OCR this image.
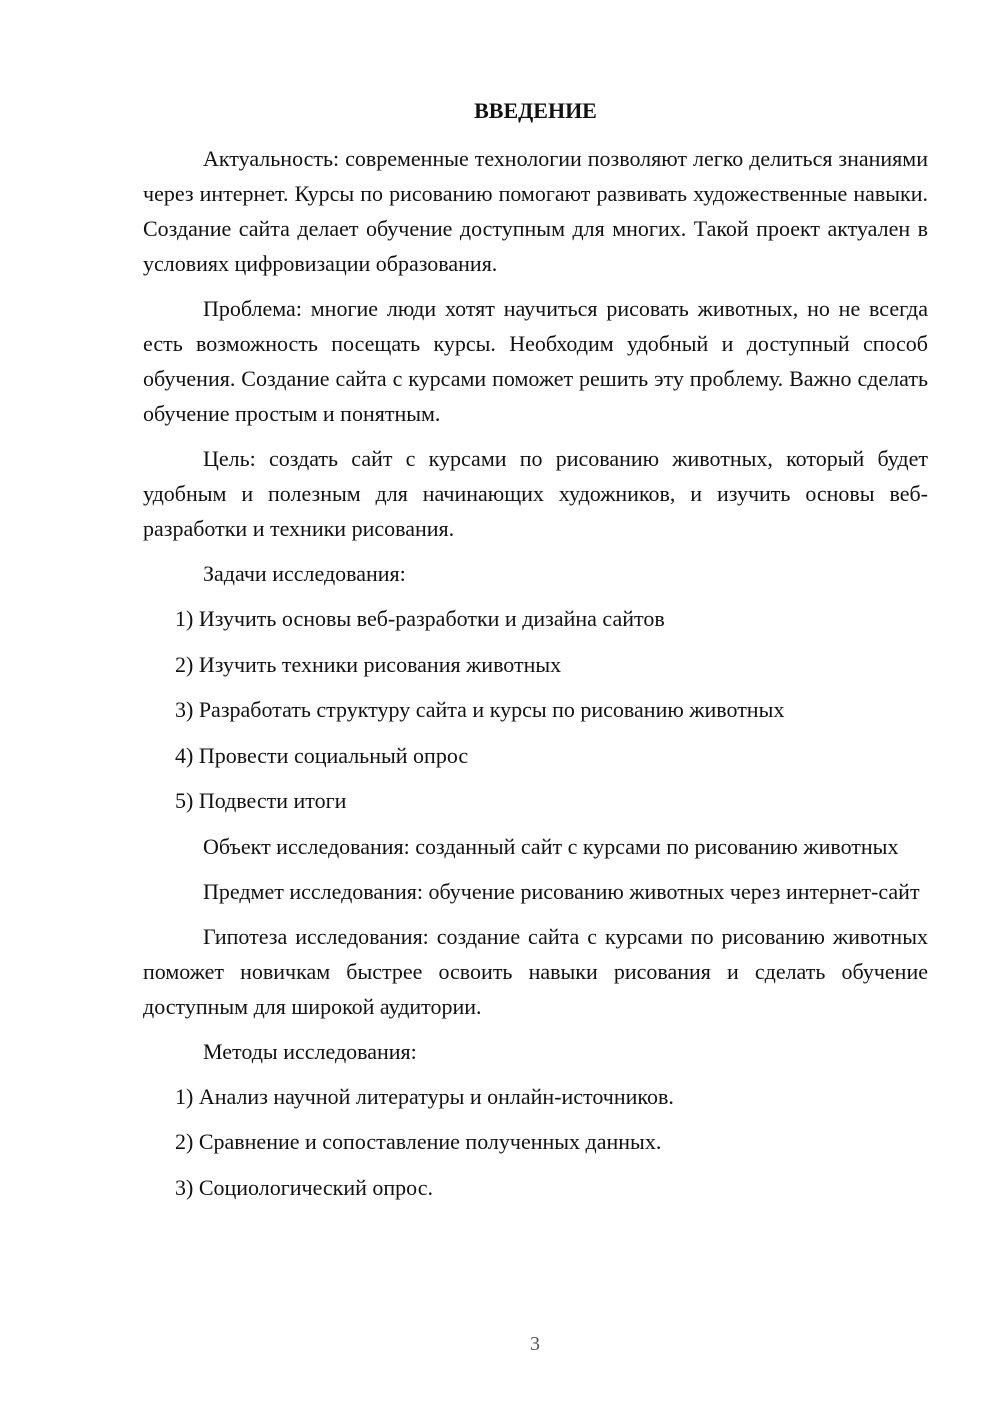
ВВЕДЕНИЕ

Актуальность: современные технологии позволяют легко делиться знаниями через интернет. Курсы по рисованию помогают развивать художественные навыки. Создание сайта делает обучение доступным для многих. Такой проект актуален в условиях цифровизации образования.

Проблема: многие люди хотят научиться рисовать животных, но не всегда есть возможность посещать курсы. Необходим удобный и доступный способ обучения. Создание сайта с курсами поможет решить эту проблему. Важно сделать обучение простым и понятным.

Цель: создать сайт с курсами по рисованию животных, который будет удобным и полезным для начинающих художников, и изучить основы веб-разработки и техники рисования.

Задачи исследования:

1) Изучить основы веб-разработки и дизайна сайтов
2) Изучить техники рисования животных
3) Разработать структуру сайта и курсы по рисованию животных
4) Провести социальный опрос
5) Подвести итоги

Объект исследования: созданный сайт с курсами по рисованию животных

Предмет исследования: обучение рисованию животных через интернет-сайт

Гипотеза исследования: создание сайта с курсами по рисованию животных поможет новичкам быстрее освоить навыки рисования и сделать обучение доступным для широкой аудитории.

Методы исследования:

1) Анализ научной литературы и онлайн-источников.
2) Сравнение и сопоставление полученных данных.
3) Социологический опрос.
3
